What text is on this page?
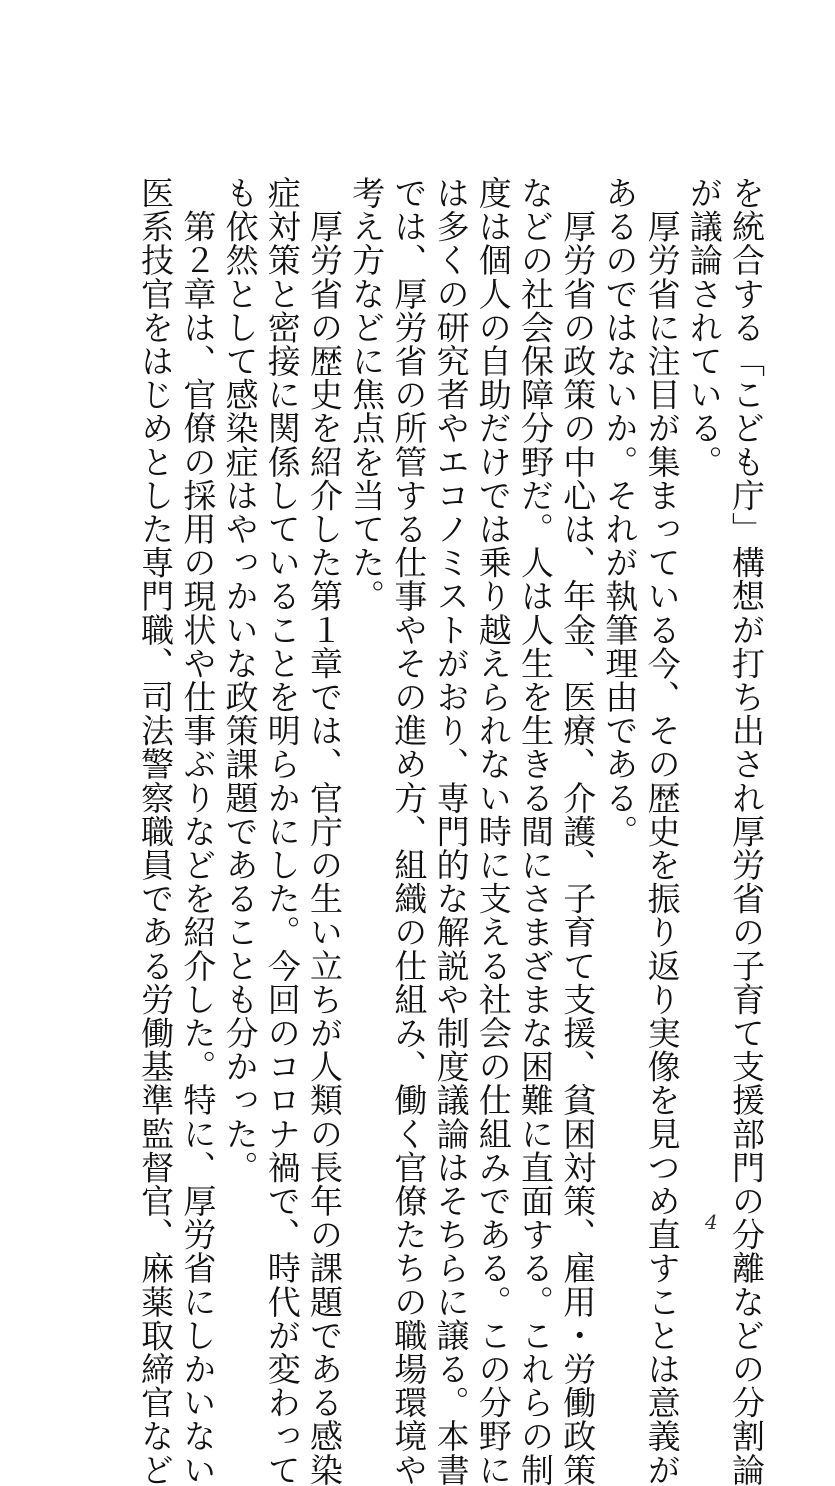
を統合する「こども庁」構想が打ち出され厚労省の子育て支援部門の分離などの分割論

が議論されている。

　厚労省に注目が集まっている今、その歴史を振り返り実像を見つめ直すことは意義が

あるのではないか。それが執筆理由である。

　厚労省の政策の中心は、年金、医療、介護、子育て支援、貧困対策、雇用・労働政策

などの社会保障分野だ。人は人生を生きる間にさまざまな困難に直面する。これらの制

度は個人の自助だけでは乗り越えられない時に支える社会の仕組みである。この分野に

は多くの研究者やエコノミストがおり、専門的な解説や制度議論はそちらに譲る。本書

では、厚労省の所管する仕事やその進め方、組織の仕組み、働く官僚たちの職場環境や

考え方などに焦点を当てた。

　厚労省の歴史を紹介した第１章では、官庁の生い立ちが人類の長年の課題である感染

症対策と密接に関係していることを明らかにした。今回のコロナ禍で、時代が変わって

も依然として感染症はやっかいな政策課題であることも分かった。

　第２章は、官僚の採用の現状や仕事ぶりなどを紹介した。特に、厚労省にしかいない

医系技官をはじめとした専門職、司法警察職員である労働基準監督官、麻薬取締官など	4
